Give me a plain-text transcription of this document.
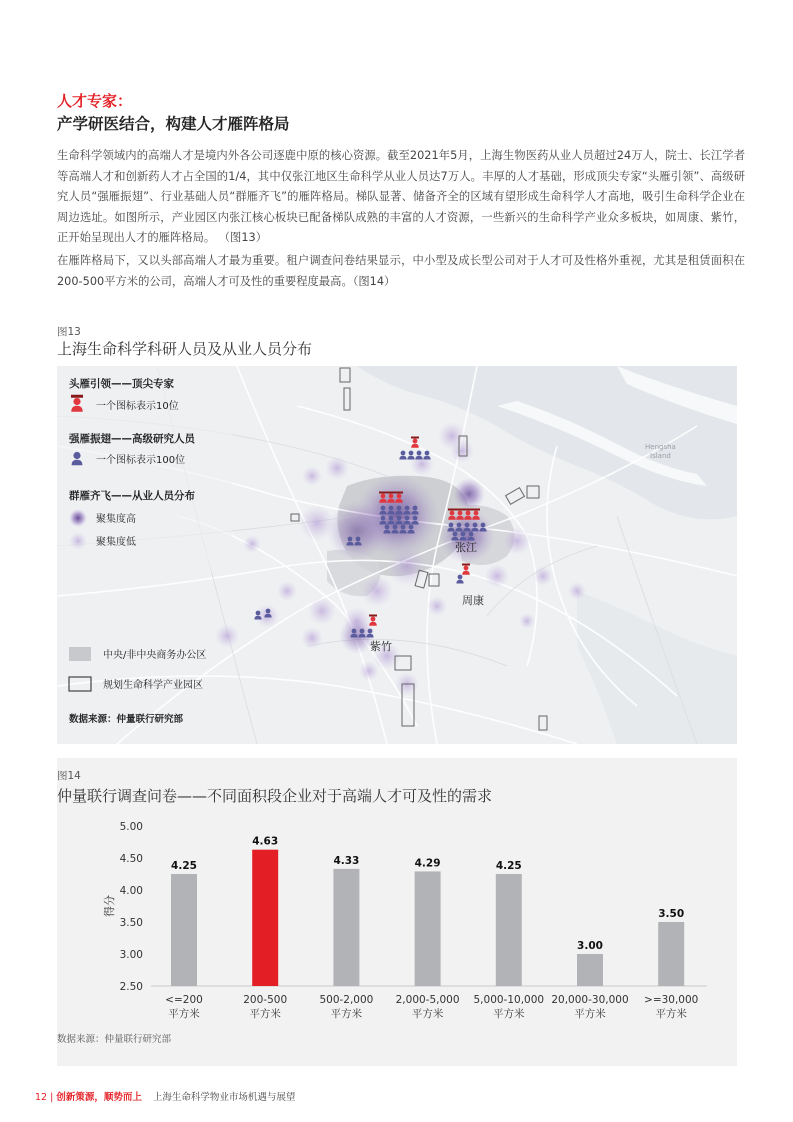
人才专家：
产学研医结合，构建人才雁阵格局

生命科学领域内的高端人才是境内外各公司逐鹿中原的核心资源。截至2021年5月，上海生物医药从业人员超过24万人，院士、长江学者等高端人才和创新药人才占全国的1/4，其中仅张江地区生命科学从业人员达7万人。丰厚的人才基础，形成顶尖专家“头雁引领”、高级研究人员“强雁振翅”、行业基础人员“群雁齐飞”的雁阵格局。梯队显著、储备齐全的区域有望形成生命科学人才高地，吸引生命科学企业在周边选址。如图所示，产业园区内张江核心板块已配备梯队成熟的丰富的人才资源，一些新兴的生命科学产业众多板块，如周康、紫竹，正开始呈现出人才的雁阵格局。 （图13）

在雁阵格局下，又以头部高端人才最为重要。租户调查问卷结果显示，中小型及成长型公司对于人才可及性格外重视，尤其是租赁面积在200-500平方米的公司，高端人才可及性的重要程度最高。（图14）

图13
上海生命科学科研人员及从业人员分布
Hengsha
Island
张江
周康
紫竹
头雁引领——顶尖专家
一个图标表示10位
强雁振翅——高级研究人员
一个图标表示100位
群雁齐飞——从业人员分布
聚集度高
聚集度低
中央/非中央商务办公区
规划生命科学产业园区
数据来源：仲量联行研究部
图14
仲量联行调查问卷——不同面积段企业对于高端人才可及性的需求
2.50
3.00
3.50
4.00
4.50
5.00
得分
4.25
<=200
平方米
4.63
200-500
平方米
4.33
500-2,000
平方米
4.29
2,000-5,000
平方米
4.25
5,000-10,000
平方米
3.00
20,000-30,000
平方米
3.50
>=30,000
平方米
数据来源：仲量联行研究部
12 | 创新策源，顺势而上 上海生命科学物业市场机遇与展望
